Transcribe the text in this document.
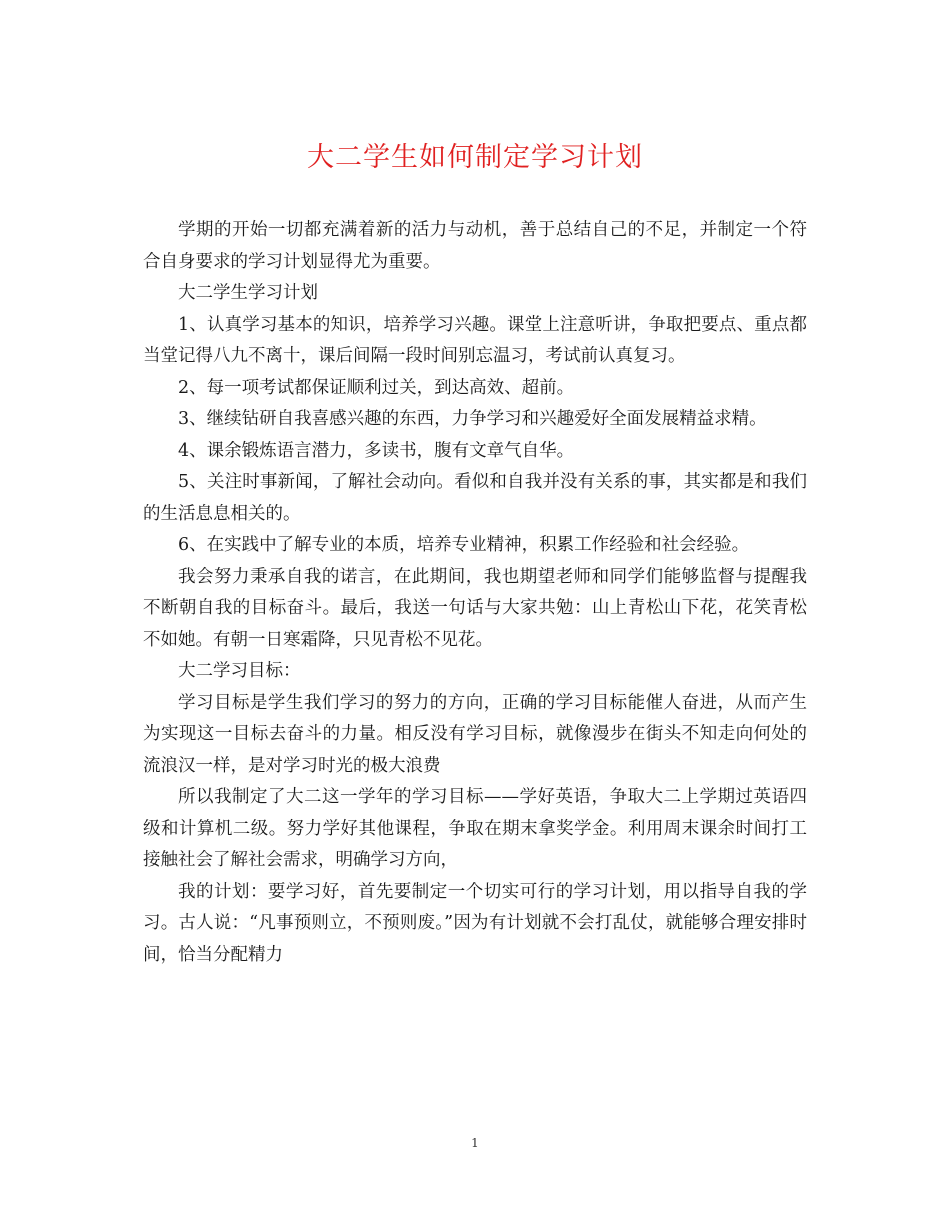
大二学生如何制定学习计划

学期的开始一切都充满着新的活力与动机，善于总结自己的不足，并制定一个符合自身要求的学习计划显得尤为重要。

大二学生学习计划

1、认真学习基本的知识，培养学习兴趣。课堂上注意听讲，争取把要点、重点都当堂记得八九不离十，课后间隔一段时间别忘温习，考试前认真复习。

2、每一项考试都保证顺利过关，到达高效、超前。

3、继续钻研自我喜感兴趣的东西，力争学习和兴趣爱好全面发展精益求精。

4、课余锻炼语言潜力，多读书，腹有文章气自华。

5、关注时事新闻，了解社会动向。看似和自我并没有关系的事，其实都是和我们的生活息息相关的。

6、在实践中了解专业的本质，培养专业精神，积累工作经验和社会经验。

我会努力秉承自我的诺言，在此期间，我也期望老师和同学们能够监督与提醒我不断朝自我的目标奋斗。最后，我送一句话与大家共勉：山上青松山下花，花笑青松不如她。有朝一日寒霜降，只见青松不见花。

大二学习目标：

学习目标是学生我们学习的努力的方向，正确的学习目标能催人奋进，从而产生为实现这一目标去奋斗的力量。相反没有学习目标，就像漫步在街头不知走向何处的流浪汉一样，是对学习时光的极大浪费

所以我制定了大二这一学年的学习目标——学好英语，争取大二上学期过英语四级和计算机二级。努力学好其他课程，争取在期末拿奖学金。利用周末课余时间打工接触社会了解社会需求，明确学习方向，

我的计划：要学习好，首先要制定一个切实可行的学习计划，用以指导自我的学习。古人说：“凡事预则立，不预则废。”因为有计划就不会打乱仗，就能够合理安排时间，恰当分配精力

1
